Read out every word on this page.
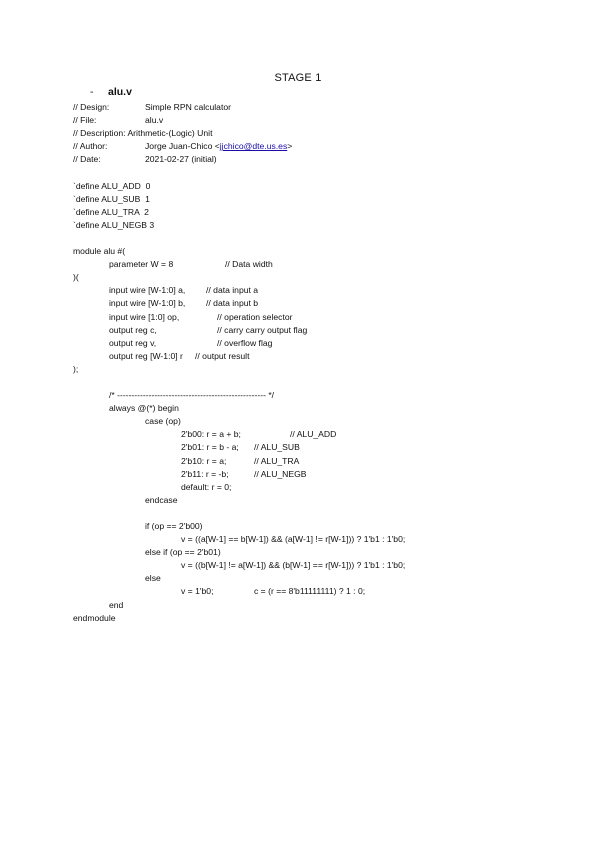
STAGE 1
- alu.v

// Design:

	Simple RPN calculator

// File:

	alu.v

// Description: Arithmetic-(Logic) Unit

// Author:

	Jorge Juan-Chico <jjchico@dte.us.es>

// Date:

	2021-02-27 (initial)

`define ALU_ADD  0
`define ALU_SUB  1
`define ALU_TRA  2
`define ALU_NEGB 3
module alu #(

parameter W = 8

	// Data width

)(

input wire [W-1:0] a,

// data input a

input wire [W-1:0] b,

// data input b

input wire [1:0] op,

	// operation selector

output reg c,

	// carry carry output flag

output reg v,

	// overflow flag

output reg [W-1:0] r

// output result

);
/* ---------------------------------------------------- */
always @(*) begin
case (op)

2'b00: r = a + b;

	// ALU_ADD

2'b01: r = b - a;

// ALU_SUB

2'b10: r = a;

	// ALU_TRA

2'b11: r = -b;

	// ALU_NEGB

default: r = 0;

endcase
if (op == 2'b00)
v = ((a[W-1] == b[W-1]) && (a[W-1] != r[W-1])) ? 1'b1 : 1'b0;
else if (op == 2'b01)
v = ((b[W-1] != a[W-1]) && (b[W-1] == r[W-1])) ? 1'b1 : 1'b0;
else

v = 1'b0;

	c = (r == 8'b11111111) ? 1 : 0;

end
endmodule
